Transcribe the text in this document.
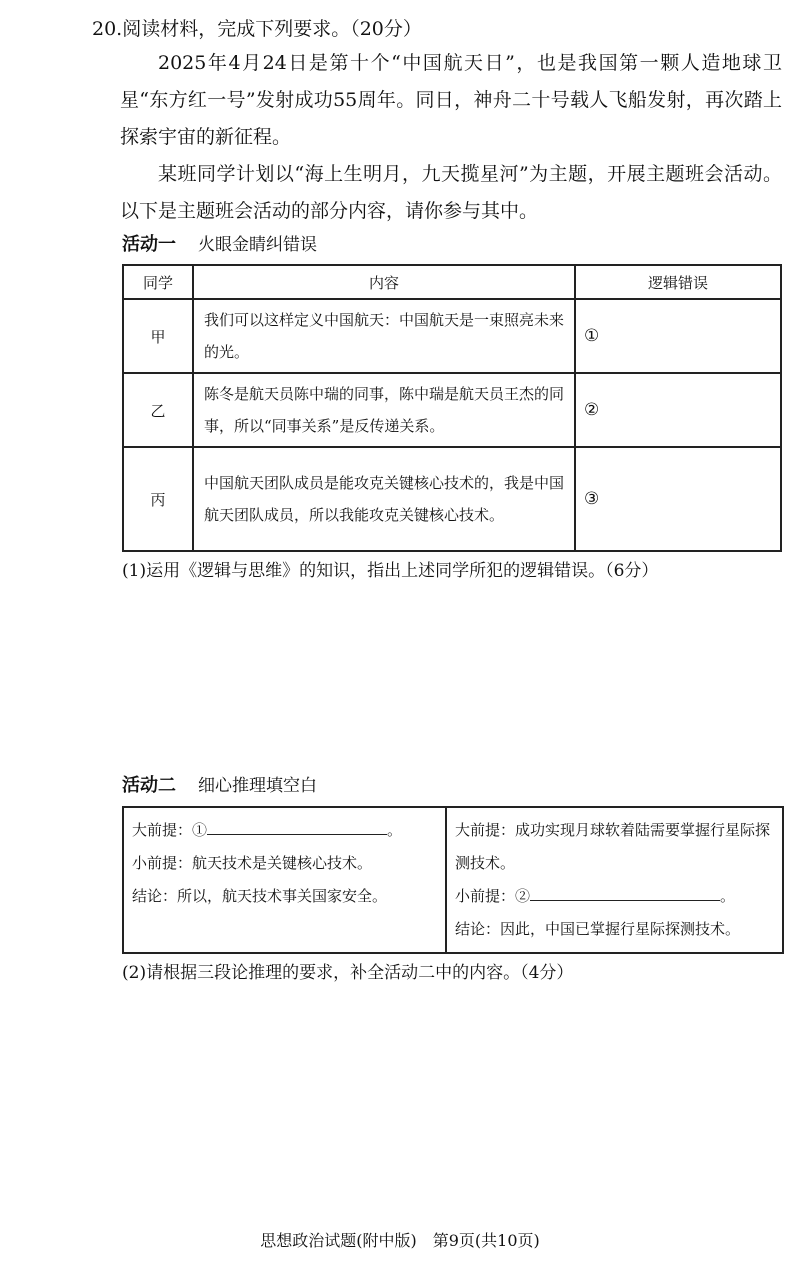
20.阅读材料，完成下列要求。（20分）

2025年4月24日是第十个“中国航天日”，也是我国第一颗人造地球卫星“东方红一号”发射成功55周年。同日，神舟二十号载人飞船发射，再次踏上探索宇宙的新征程。

某班同学计划以“海上生明月，九天揽星河”为主题，开展主题班会活动。以下是主题班会活动的部分内容，请你参与其中。

活动一 火眼金睛纠错误
同学	内容	逻辑错误
甲	我们可以这样定义中国航天：中国航天是一束照亮未来的光。	①
乙	陈冬是航天员陈中瑞的同事，陈中瑞是航天员王杰的同事，所以“同事关系”是反传递关系。	②
丙	中国航天团队成员是能攻克关键核心技术的，我是中国航天团队成员，所以我能攻克关键核心技术。	③
(1)运用《逻辑与思维》的知识，指出上述同学所犯的逻辑错误。（6分）
活动二 细心推理填空白
大前提：①	。
小前提：航天技术是关键核心技术。
结论：所以，航天技术事关国家安全。

大前提：成功实现月球软着陆需要掌握行星际探测技术。
小前提：②	。
结论：因此，中国已掌握行星际探测技术。
(2)请根据三段论推理的要求，补全活动二中的内容。（4分）
思想政治试题(附中版)　第9页(共10页)
